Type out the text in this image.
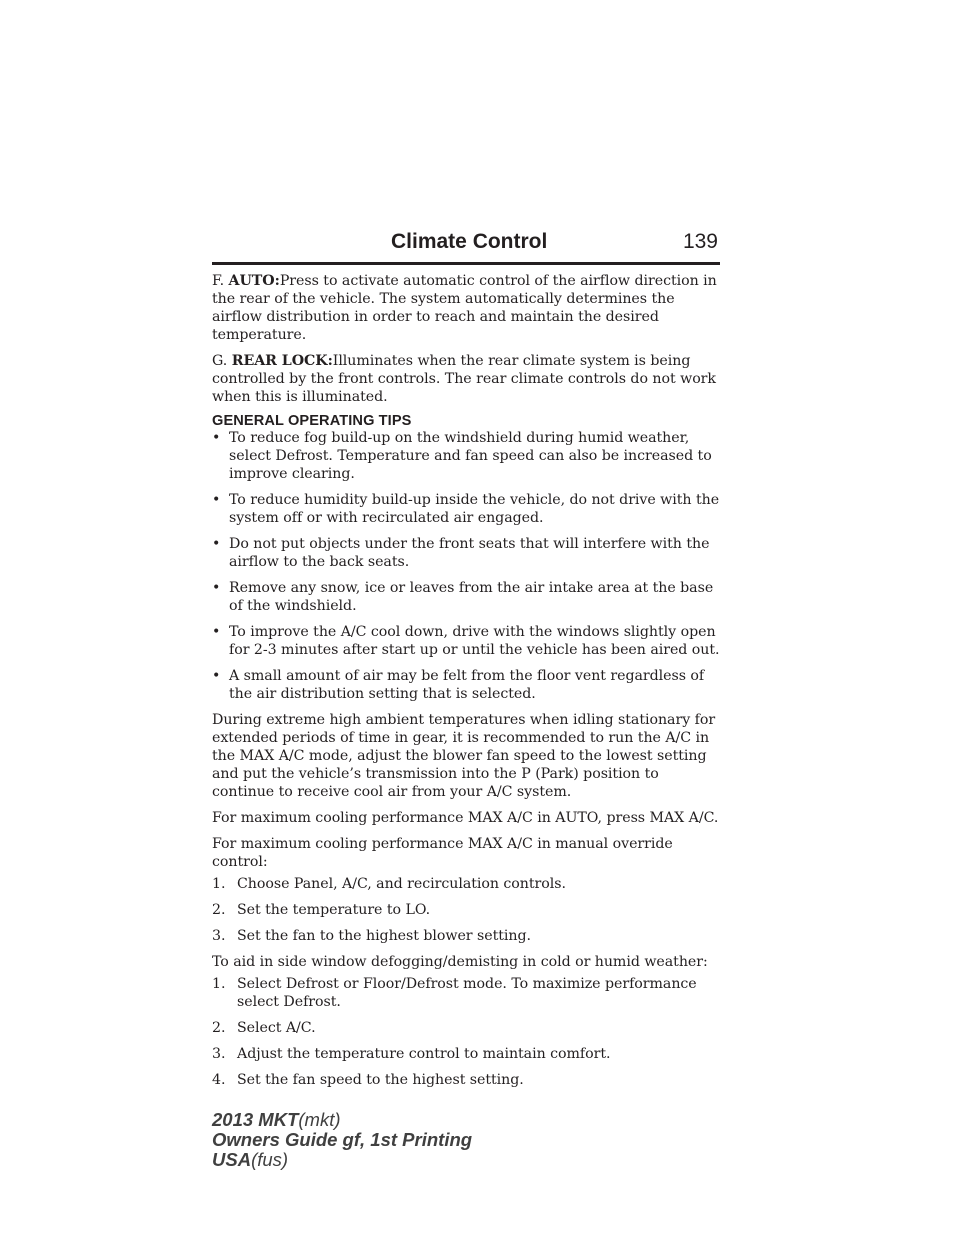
Climate Control	139

F. AUTO:Press to activate automatic control of the airflow direction in the rear of the vehicle. The system automatically determines the airflow distribution in order to reach and maintain the desired temperature.

G. REAR LOCK:Illuminates when the rear climate system is being controlled by the front controls. The rear climate controls do not work when this is illuminated.

GENERAL OPERATING TIPS
• To reduce fog build-up on the windshield during humid weather, select Defrost. Temperature and fan speed can also be increased to improve clearing.
• To reduce humidity build-up inside the vehicle, do not drive with the system off or with recirculated air engaged.
• Do not put objects under the front seats that will interfere with the airflow to the back seats.
• Remove any snow, ice or leaves from the air intake area at the base of the windshield.
• To improve the A/C cool down, drive with the windows slightly open for 2-3 minutes after start up or until the vehicle has been aired out.
• A small amount of air may be felt from the floor vent regardless of the air distribution setting that is selected.

During extreme high ambient temperatures when idling stationary for extended periods of time in gear, it is recommended to run the A/C in the MAX A/C mode, adjust the blower fan speed to the lowest setting and put the vehicle’s transmission into the P (Park) position to continue to receive cool air from your A/C system.

For maximum cooling performance MAX A/C in AUTO, press MAX A/C.

For maximum cooling performance MAX A/C in manual override control:

1. Choose Panel, A/C, and recirculation controls.
2. Set the temperature to LO.
3. Set the fan to the highest blower setting.

To aid in side window defogging/demisting in cold or humid weather:

1. Select Defrost or Floor/Defrost mode. To maximize performance select Defrost.
2. Select A/C.
3. Adjust the temperature control to maintain comfort.
4. Set the fan speed to the highest setting.
2013 MKT(mkt)
Owners Guide gf, 1st Printing
USA(fus)
